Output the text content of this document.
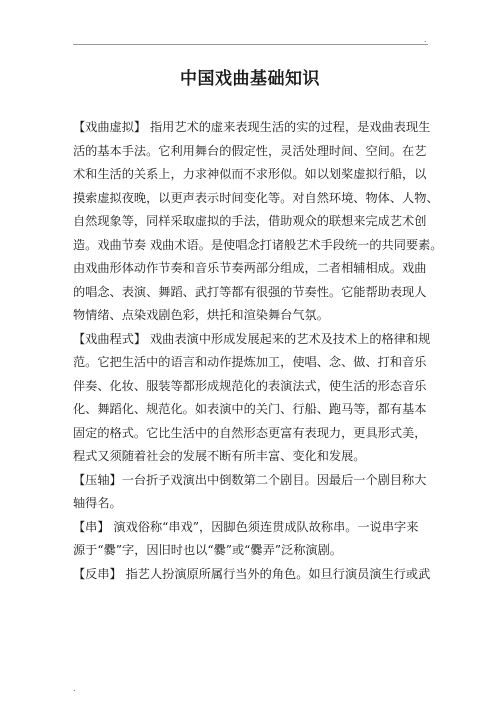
.
中国戏曲基础知识
【戏曲虚拟】 指用艺术的虚来表现生活的实的过程，是戏曲表现生
活的基本手法。它利用舞台的假定性，灵活处理时间、空间。在艺
术和生活的关系上，力求神似而不求形似。如以划桨虚拟行船，以
摸索虚拟夜晚，以更声表示时间变化等。对自然环境、物体、人物、
自然现象等，同样采取虚拟的手法，借助观众的联想来完成艺术创
造。戏曲节奏 戏曲术语。是使唱念打诸般艺术手段统一的共同要素。
由戏曲形体动作节奏和音乐节奏两部分组成，二者相辅相成。戏曲
的唱念、表演、舞蹈、武打等都有很强的节奏性。它能帮助表现人
物情绪、点染戏剧色彩，烘托和渲染舞台气氛。
【戏曲程式】 戏曲表演中形成发展起来的艺术及技术上的格律和规
范。它把生活中的语言和动作提炼加工，使唱、念、做、打和音乐
伴奏、化妆、服装等都形成规范化的表演法式，使生活的形态音乐
化、舞蹈化、规范化。如表演中的关门、行船、跑马等，都有基本
固定的格式。它比生活中的自然形态更富有表现力，更具形式美，
程式又须随着社会的发展不断有所丰富、变化和发展。
【压轴】一台折子戏演出中倒数第二个剧目。因最后一个剧目称大
轴得名。
【串】 演戏俗称“串戏”，因脚色须连贯成队故称串。一说串字来
源于“爨”字，因旧时也以“爨”或“爨弄”泛称演剧。
【反串】 指艺人扮演原所属行当外的角色。如旦行演员演生行或武
.
